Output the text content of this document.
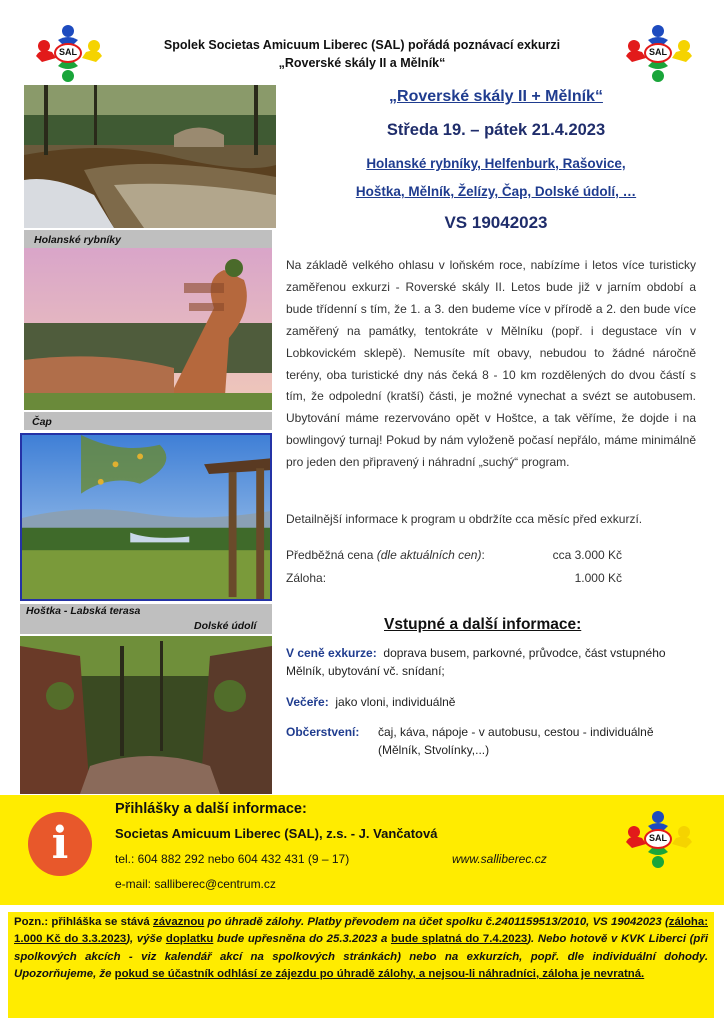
SAL	SAL
Spolek Societas Amicuum Liberec (SAL) pořádá poznávací exkurzi
„Roverské skály II a Mělník“
Holanské rybníky
Čap
Hoštka - Labská terasa
Dolské údolí
„Roverské skály II + Mělník“
Středa 19. – pátek 21.4.2023
Holanské rybníky, Helfenburk, Rašovice,
Hoštka, Mělník, Želízy, Čap, Dolské údolí, …
VS 19042023
Na základě velkého ohlasu v loňském roce, nabízíme i letos více turisticky zaměřenou exkurzi - Roverské skály II. Letos bude již v jarním období a bude třídenní s tím, že 1. a 3. den budeme více v přírodě a 2. den bude více zaměřený na památky, tentokráte v Mělníku (popř. i degustace vín v Lobkovickém sklepě). Nemusíte mít obavy, nebudou to žádné náročně terény, oba turistické dny nás čeká 8 - 10 km rozdělených do dvou částí s tím, že odpolední (kratší) části, je možné vynechat a svézt se autobusem. Ubytování máme rezervováno opět v Hoštce, a tak věříme, že dojde i na bowlingový turnaj! Pokud by nám vyloženě počasí nepřálo, máme minimálně pro jeden den připravený i náhradní „suchý“ program.
Detailnější informace k program u obdržíte cca měsíc před exkurzí.
Předběžná cena (dle aktuálních cen):	cca 3.000 Kč
Záloha:	1.000 Kč
Vstupné a další informace:
V ceně exkurze: doprava busem, parkovné, průvodce, část vstupného Mělník, ubytování vč. snídaní;
Večeře: jako vloni, individuálně
Občerstvení: čaj, káva, nápoje - v autobusu, cestou - individuálně
(Mělník, Stvolínky,...)
i
Přihlášky a další informace:
Societas Amicuum Liberec (SAL), z.s. - J. Vančatová
tel.: 604 882 292 nebo 604 432 431 (9 – 17)	www.salliberec.cz
e-mail: salliberec@centrum.cz
SAL
Pozn.: přihláška se stává závaznou po úhradě zálohy. Platby převodem na účet spolku č.2401159513/2010, VS 19042023 (záloha: 1.000 Kč do 3.3.2023), výše doplatku bude upřesněna do 25.3.2023 a bude splatná do 7.4.2023). Nebo hotově v KVK Liberci (při spolkových akcích - viz kalendář akcí na spolkových stránkách) nebo na exkurzích, popř. dle individuální dohody. Upozorňujeme, že pokud se účastník odhlásí ze zájezdu po úhradě zálohy, a nejsou-li náhradníci, záloha je nevratná.
